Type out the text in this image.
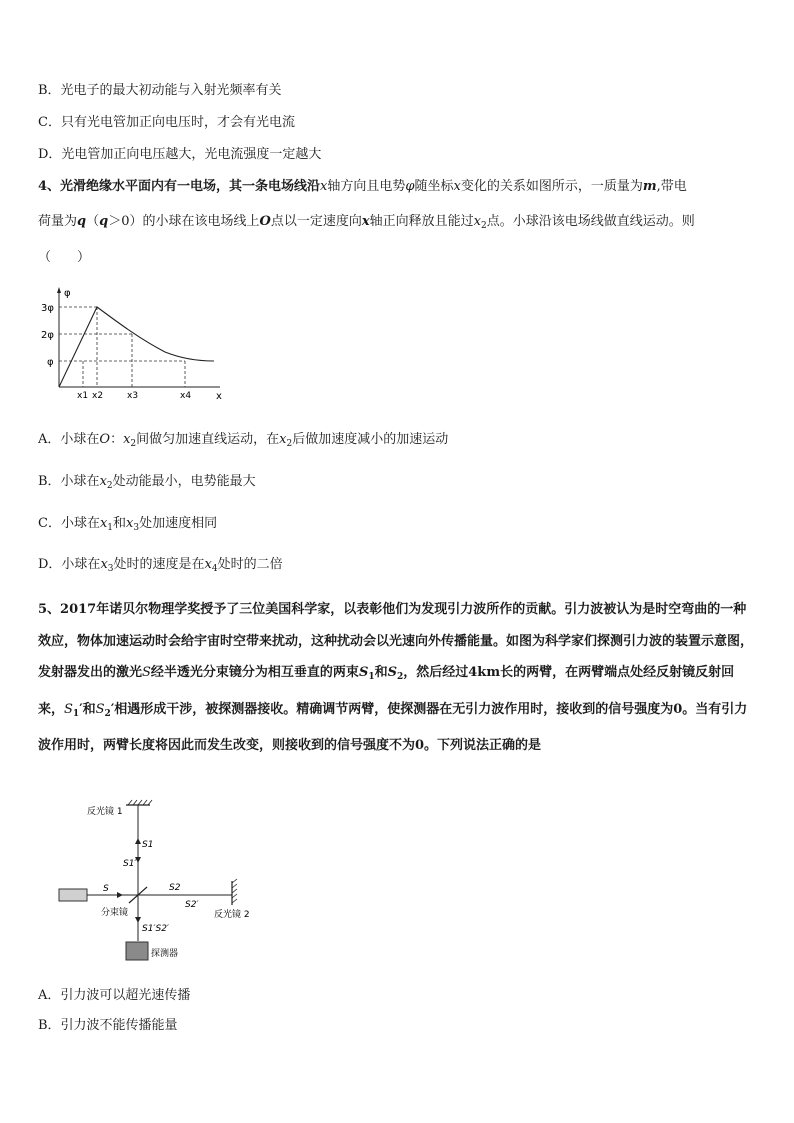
B．光电子的最大初动能与入射光频率有关
C．只有光电管加正向电压时，才会有光电流
D．光电管加正向电压越大，光电流强度一定越大
4、光滑绝缘水平面内有一电场，其一条电场线沿x轴方向且电势φ随坐标x变化的关系如图所示，一质量为m,带电
荷量为q（q＞0）的小球在该电场线上O点以一定速度向x轴正向释放且能过$x_2$点。小球沿该电场线做直线运动。则
（　　）
φ
3φ
2φ
φ
x1 x2	x3	x4 x
A．小球在O：$x_2$间做匀加速直线运动，在$x_2$后做加速度减小的加速运动
B．小球在$x_2$处动能最小，电势能最大
C．小球在$x_1$和$x_3$处加速度相同
D．小球在$x_3$处时的速度是在$x_4$处时的二倍
5、2017年诺贝尔物理学奖授予了三位美国科学家，以表彰他们为发现引力波所作的贡献。引力波被认为是时空弯曲的一种效应，物体加速运动时会给宇宙时空带来扰动，这种扰动会以光速向外传播能量。如图为科学家们探测引力波的装置示意图，发射器发出的激光S经半透光分束镜分为相互垂直的两束$S_1$和$S_2$，然后经过4km长的两臂，在两臂端点处经反射镜反射回来，$S_1'$和$S_2'$相遇形成干涉，被探测器接收。精确调节两臂，使探测器在无引力波作用时，接收到的信号强度为0。当有引力波作用时，两臂长度将因此而发生改变，则接收到的信号强度不为0。下列说法正确的是
反光镜 1
反光镜 2
分束镜
S
S1
S1′
S2
S2′
S1′S2′
探测器
A．引力波可以超光速传播
B．引力波不能传播能量
